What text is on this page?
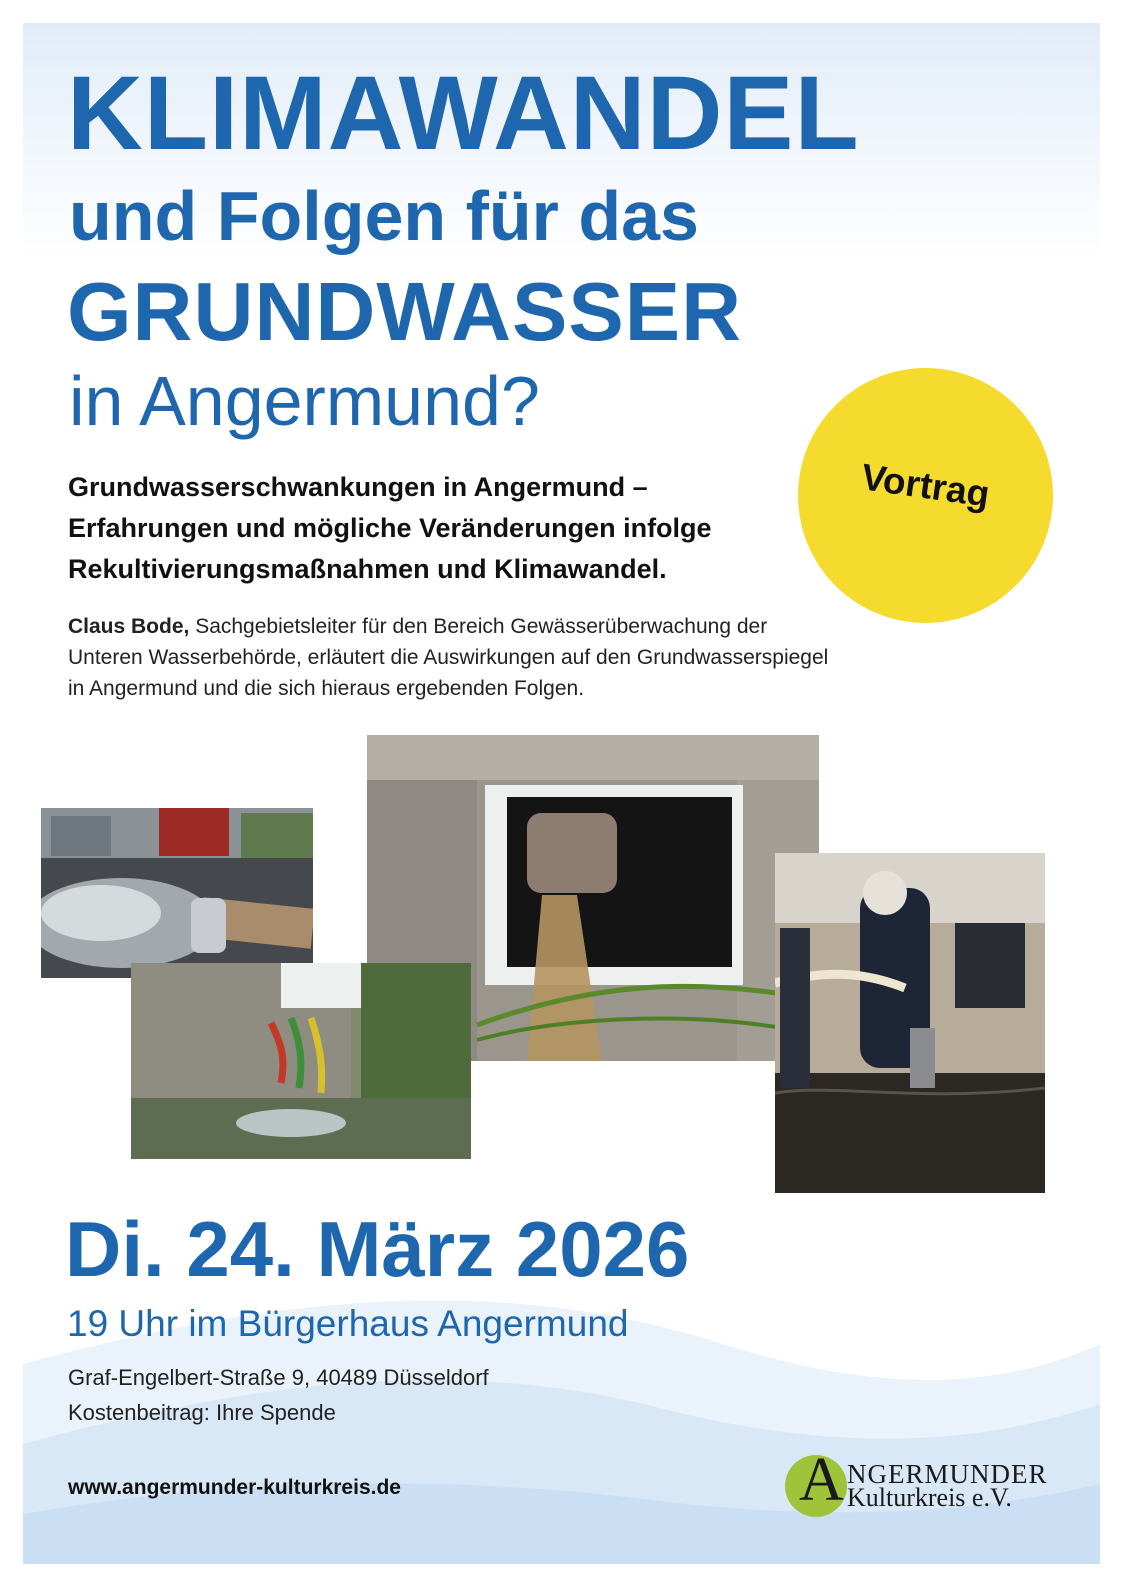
KLIMAWANDEL
und Folgen für das
GRUNDWASSER
in Angermund?
Vortrag
Grundwasserschwankungen in Angermund –
Erfahrungen und mögliche Veränderungen infolge
Rekultivierungsmaßnahmen und Klimawandel.
Claus Bode, Sachgebietsleiter für den Bereich Gewässerüberwachung der
Unteren Wasserbehörde, erläutert die Auswirkungen auf den Grundwasserspiegel
in Angermund und die sich hieraus ergebenden Folgen.
Di. 24. März 2026
19 Uhr im Bürgerhaus Angermund
Graf-Engelbert-Straße 9, 40489 Düsseldorf
Kostenbeitrag: Ihre Spende
www.angermunder-kulturkreis.de	A NGERMUNDER
Kulturkreis e.V.
